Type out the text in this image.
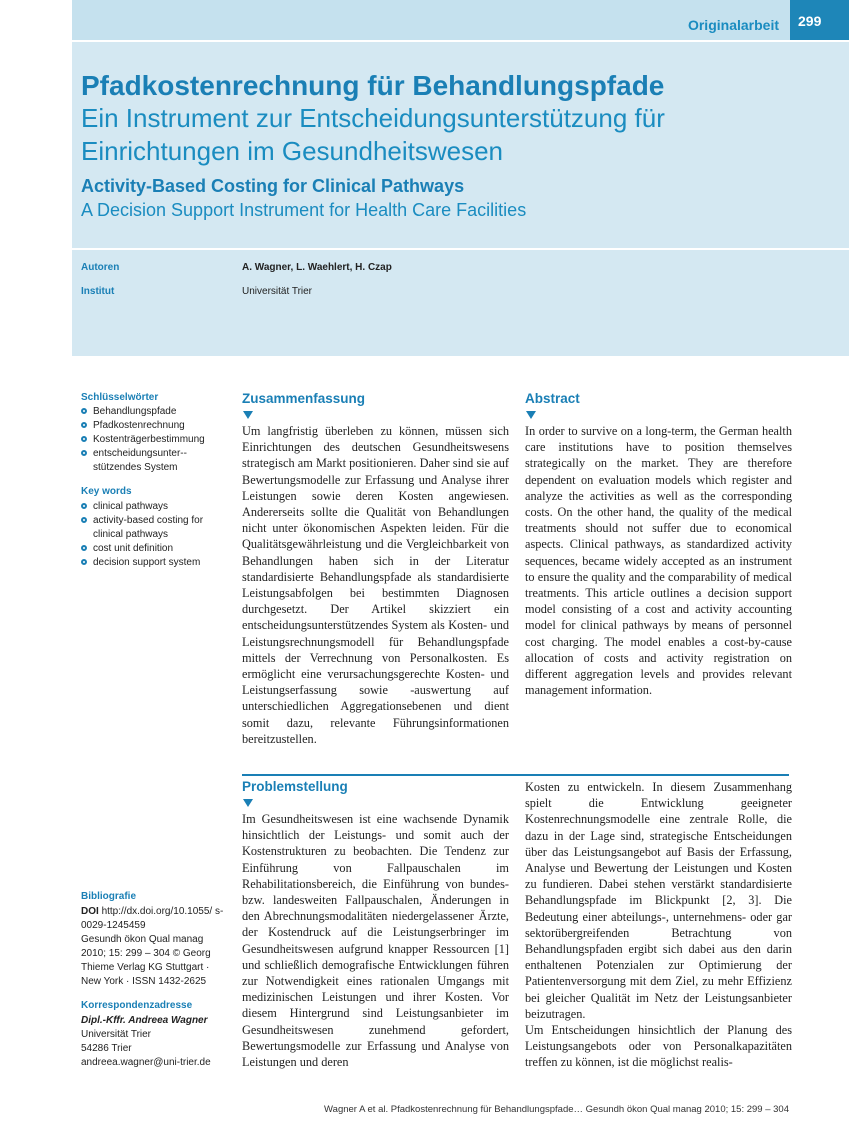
Originalarbeit	299
Pfadkostenrechnung für Behandlungspfade
Ein Instrument zur Entscheidungsunterstützung für
Einrichtungen im Gesundheitswesen
Activity-Based Costing for Clinical Pathways
A Decision Support Instrument for Health Care Facilities
Autoren	A. Wagner, L. Waehlert, H. Czap
Institut	Universität Trier
Schlüsselwörter
Behandlungspfade
Pfadkostenrechnung
Kostenträgerbestimmung
entscheidungsunter-stützendes System
Key words
clinical pathways
activity-based costing for clinical pathways
cost unit definition
decision support system
Bibliografie
DOI http://dx.doi.org/10.1055/ s-0029-1245459
Gesundh ökon Qual manag 2010; 15: 299 – 304 © Georg Thieme Verlag KG Stuttgart · New York · ISSN 1432-2625
Korrespondenzadresse
Dipl.-Kffr. Andreea Wagner
Universität Trier
54286 Trier
andreea.wagner@uni-trier.de
Zusammenfassung

Um langfristig überleben zu können, müssen sich Einrichtungen des deutschen Gesundheitswesens strategisch am Markt positionieren. Daher sind sie auf Bewertungsmodelle zur Erfassung und Analyse ihrer Leistungen sowie deren Kosten angewiesen. Andererseits sollte die Qualität von Behandlungen nicht unter ökonomischen Aspekten leiden. Für die Qualitätsgewährleistung und die Vergleichbarkeit von Behandlungen haben sich in der Literatur standardisierte Behandlungspfade als standardisierte Leistungsabfolgen bei bestimmten Diagnosen durchgesetzt. Der Artikel skizziert ein entscheidungsunterstützendes System als Kosten- und Leistungsrechnungsmodell für Behandlungspfade mittels der Verrechnung von Personalkosten. Es ermöglicht eine verursachungsgerechte Kosten- und Leistungserfassung sowie -auswertung auf unterschiedlichen Aggregationsebenen und dient somit dazu, relevante Führungsinformationen bereitzustellen.

Abstract

In order to survive on a long-term, the German health care institutions have to position themselves strategically on the market. They are therefore dependent on evaluation models which register and analyze the activities as well as the corresponding costs. On the other hand, the quality of the medical treatments should not suffer due to economical aspects. Clinical pathways, as standardized activity sequences, became widely accepted as an instrument to ensure the quality and the comparability of medical treatments. This article outlines a decision support model consisting of a cost and activity accounting model for clinical pathways by means of personnel cost charging. The model enables a cost-by-cause allocation of costs and activity registration on different aggregation levels and provides relevant management information.

Problemstellung

Im Gesundheitswesen ist eine wachsende Dynamik hinsichtlich der Leistungs- und somit auch der Kostenstrukturen zu beobachten. Die Tendenz zur Einführung von Fallpauschalen im Rehabilitationsbereich, die Einführung von bundes- bzw. landesweiten Fallpauschalen, Änderungen in den Abrechnungsmodalitäten niedergelassener Ärzte, der Kostendruck auf die Leistungserbringer im Gesundheitswesen aufgrund knapper Ressourcen [1] und schließlich demografische Entwicklungen führen zur Notwendigkeit eines rationalen Umgangs mit medizinischen Leistungen und ihrer Kosten. Vor diesem Hintergrund sind Leistungsanbieter im Gesundheitswesen zunehmend gefordert, Bewertungsmodelle zur Erfassung und Analyse von Leistungen und deren

Kosten zu entwickeln. In diesem Zusammenhang spielt die Entwicklung geeigneter Kostenrechnungsmodelle eine zentrale Rolle, die dazu in der Lage sind, strategische Entscheidungen über das Leistungsangebot auf Basis der Erfassung, Analyse und Bewertung der Leistungen und Kosten zu fundieren. Dabei stehen verstärkt standardisierte Behandlungspfade im Blickpunkt [2, 3]. Die Bedeutung einer abteilungs-, unternehmens- oder gar sektorübergreifenden Betrachtung von Behandlungspfaden ergibt sich dabei aus den darin enthaltenen Potenzialen zur Optimierung der Patientenversorgung mit dem Ziel, zu mehr Effizienz bei gleicher Qualität im Netz der Leistungsanbieter beizutragen.

Um Entscheidungen hinsichtlich der Planung des Leistungsangebots oder von Personalkapazitäten treffen zu können, ist die möglichst realis-

Wagner A et al. Pfadkostenrechnung für Behandlungspfade… Gesundh ökon Qual manag 2010; 15: 299 – 304
